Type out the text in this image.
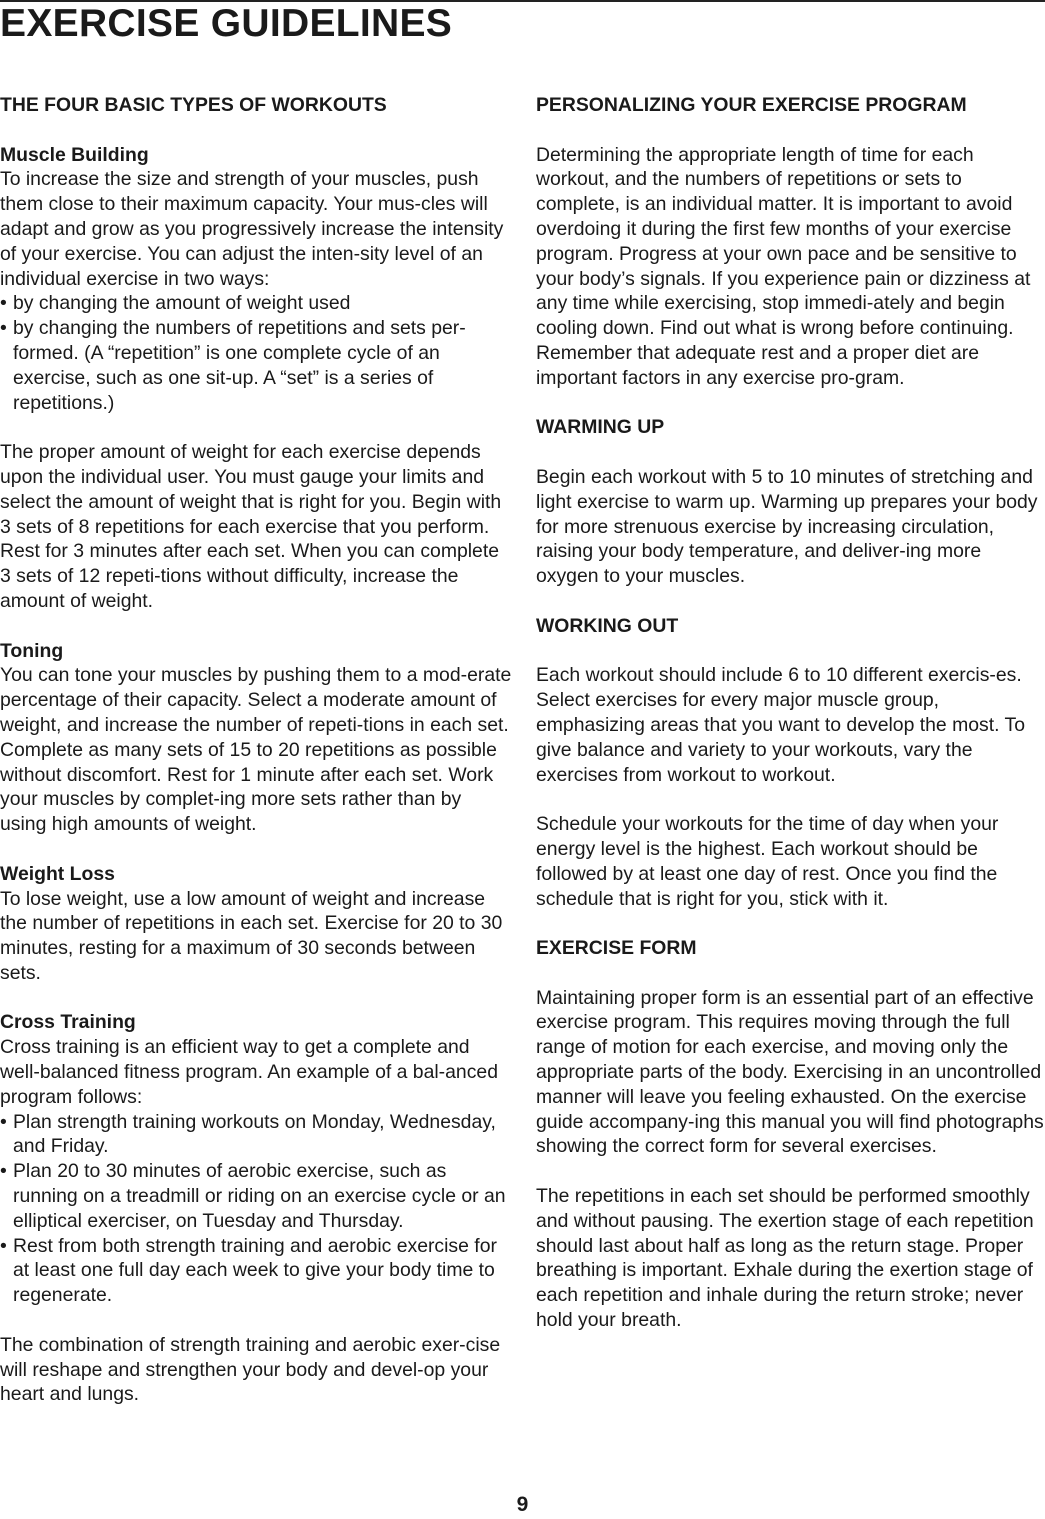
EXERCISE GUIDELINES

THE FOUR BASIC TYPES OF WORKOUTS

Muscle Building

To increase the size and strength of your muscles, push them close to their maximum capacity. Your mus-cles will adapt and grow as you progressively increase the intensity of your exercise. You can adjust the inten-sity level of an individual exercise in two ways:

• by changing the amount of weight used
• by changing the numbers of repetitions and sets per-formed. (A “repetition” is one complete cycle of an exercise, such as one sit-up. A “set” is a series of repetitions.)

The proper amount of weight for each exercise depends upon the individual user. You must gauge your limits and select the amount of weight that is right for you. Begin with 3 sets of 8 repetitions for each exercise that you perform. Rest for 3 minutes after each set. When you can complete 3 sets of 12 repeti-tions without difficulty, increase the amount of weight.

Toning

You can tone your muscles by pushing them to a mod-erate percentage of their capacity. Select a moderate amount of weight, and increase the number of repeti-tions in each set. Complete as many sets of 15 to 20 repetitions as possible without discomfort. Rest for 1 minute after each set. Work your muscles by complet-ing more sets rather than by using high amounts of weight.

Weight Loss

To lose weight, use a low amount of weight and increase the number of repetitions in each set. Exercise for 20 to 30 minutes, resting for a maximum of 30 seconds between sets.

Cross Training

Cross training is an efficient way to get a complete and well-balanced fitness program. An example of a bal-anced program follows:

• Plan strength training workouts on Monday, Wednesday, and Friday.
• Plan 20 to 30 minutes of aerobic exercise, such as running on a treadmill or riding on an exercise cycle or an elliptical exerciser, on Tuesday and Thursday.
• Rest from both strength training and aerobic exercise for at least one full day each week to give your body time to regenerate.

The combination of strength training and aerobic exer-cise will reshape and strengthen your body and devel-op your heart and lungs.

PERSONALIZING YOUR EXERCISE PROGRAM

Determining the appropriate length of time for each workout, and the numbers of repetitions or sets to complete, is an individual matter. It is important to avoid overdoing it during the first few months of your exercise program. Progress at your own pace and be sensitive to your body’s signals. If you experience pain or dizziness at any time while exercising, stop immedi-ately and begin cooling down. Find out what is wrong before continuing. Remember that adequate rest and a proper diet are important factors in any exercise pro-gram.

WARMING UP

Begin each workout with 5 to 10 minutes of stretching and light exercise to warm up. Warming up prepares your body for more strenuous exercise by increasing circulation, raising your body temperature, and deliver-ing more oxygen to your muscles.

WORKING OUT

Each workout should include 6 to 10 different exercis-es. Select exercises for every major muscle group, emphasizing areas that you want to develop the most. To give balance and variety to your workouts, vary the exercises from workout to workout.

Schedule your workouts for the time of day when your energy level is the highest. Each workout should be followed by at least one day of rest. Once you find the schedule that is right for you, stick with it.

EXERCISE FORM

Maintaining proper form is an essential part of an effective exercise program. This requires moving through the full range of motion for each exercise, and moving only the appropriate parts of the body. Exercising in an uncontrolled manner will leave you feeling exhausted. On the exercise guide accompany-ing this manual you will find photographs showing the correct form for several exercises.

The repetitions in each set should be performed smoothly and without pausing. The exertion stage of each repetition should last about half as long as the return stage. Proper breathing is important. Exhale during the exertion stage of each repetition and inhale during the return stroke; never hold your breath.

9
